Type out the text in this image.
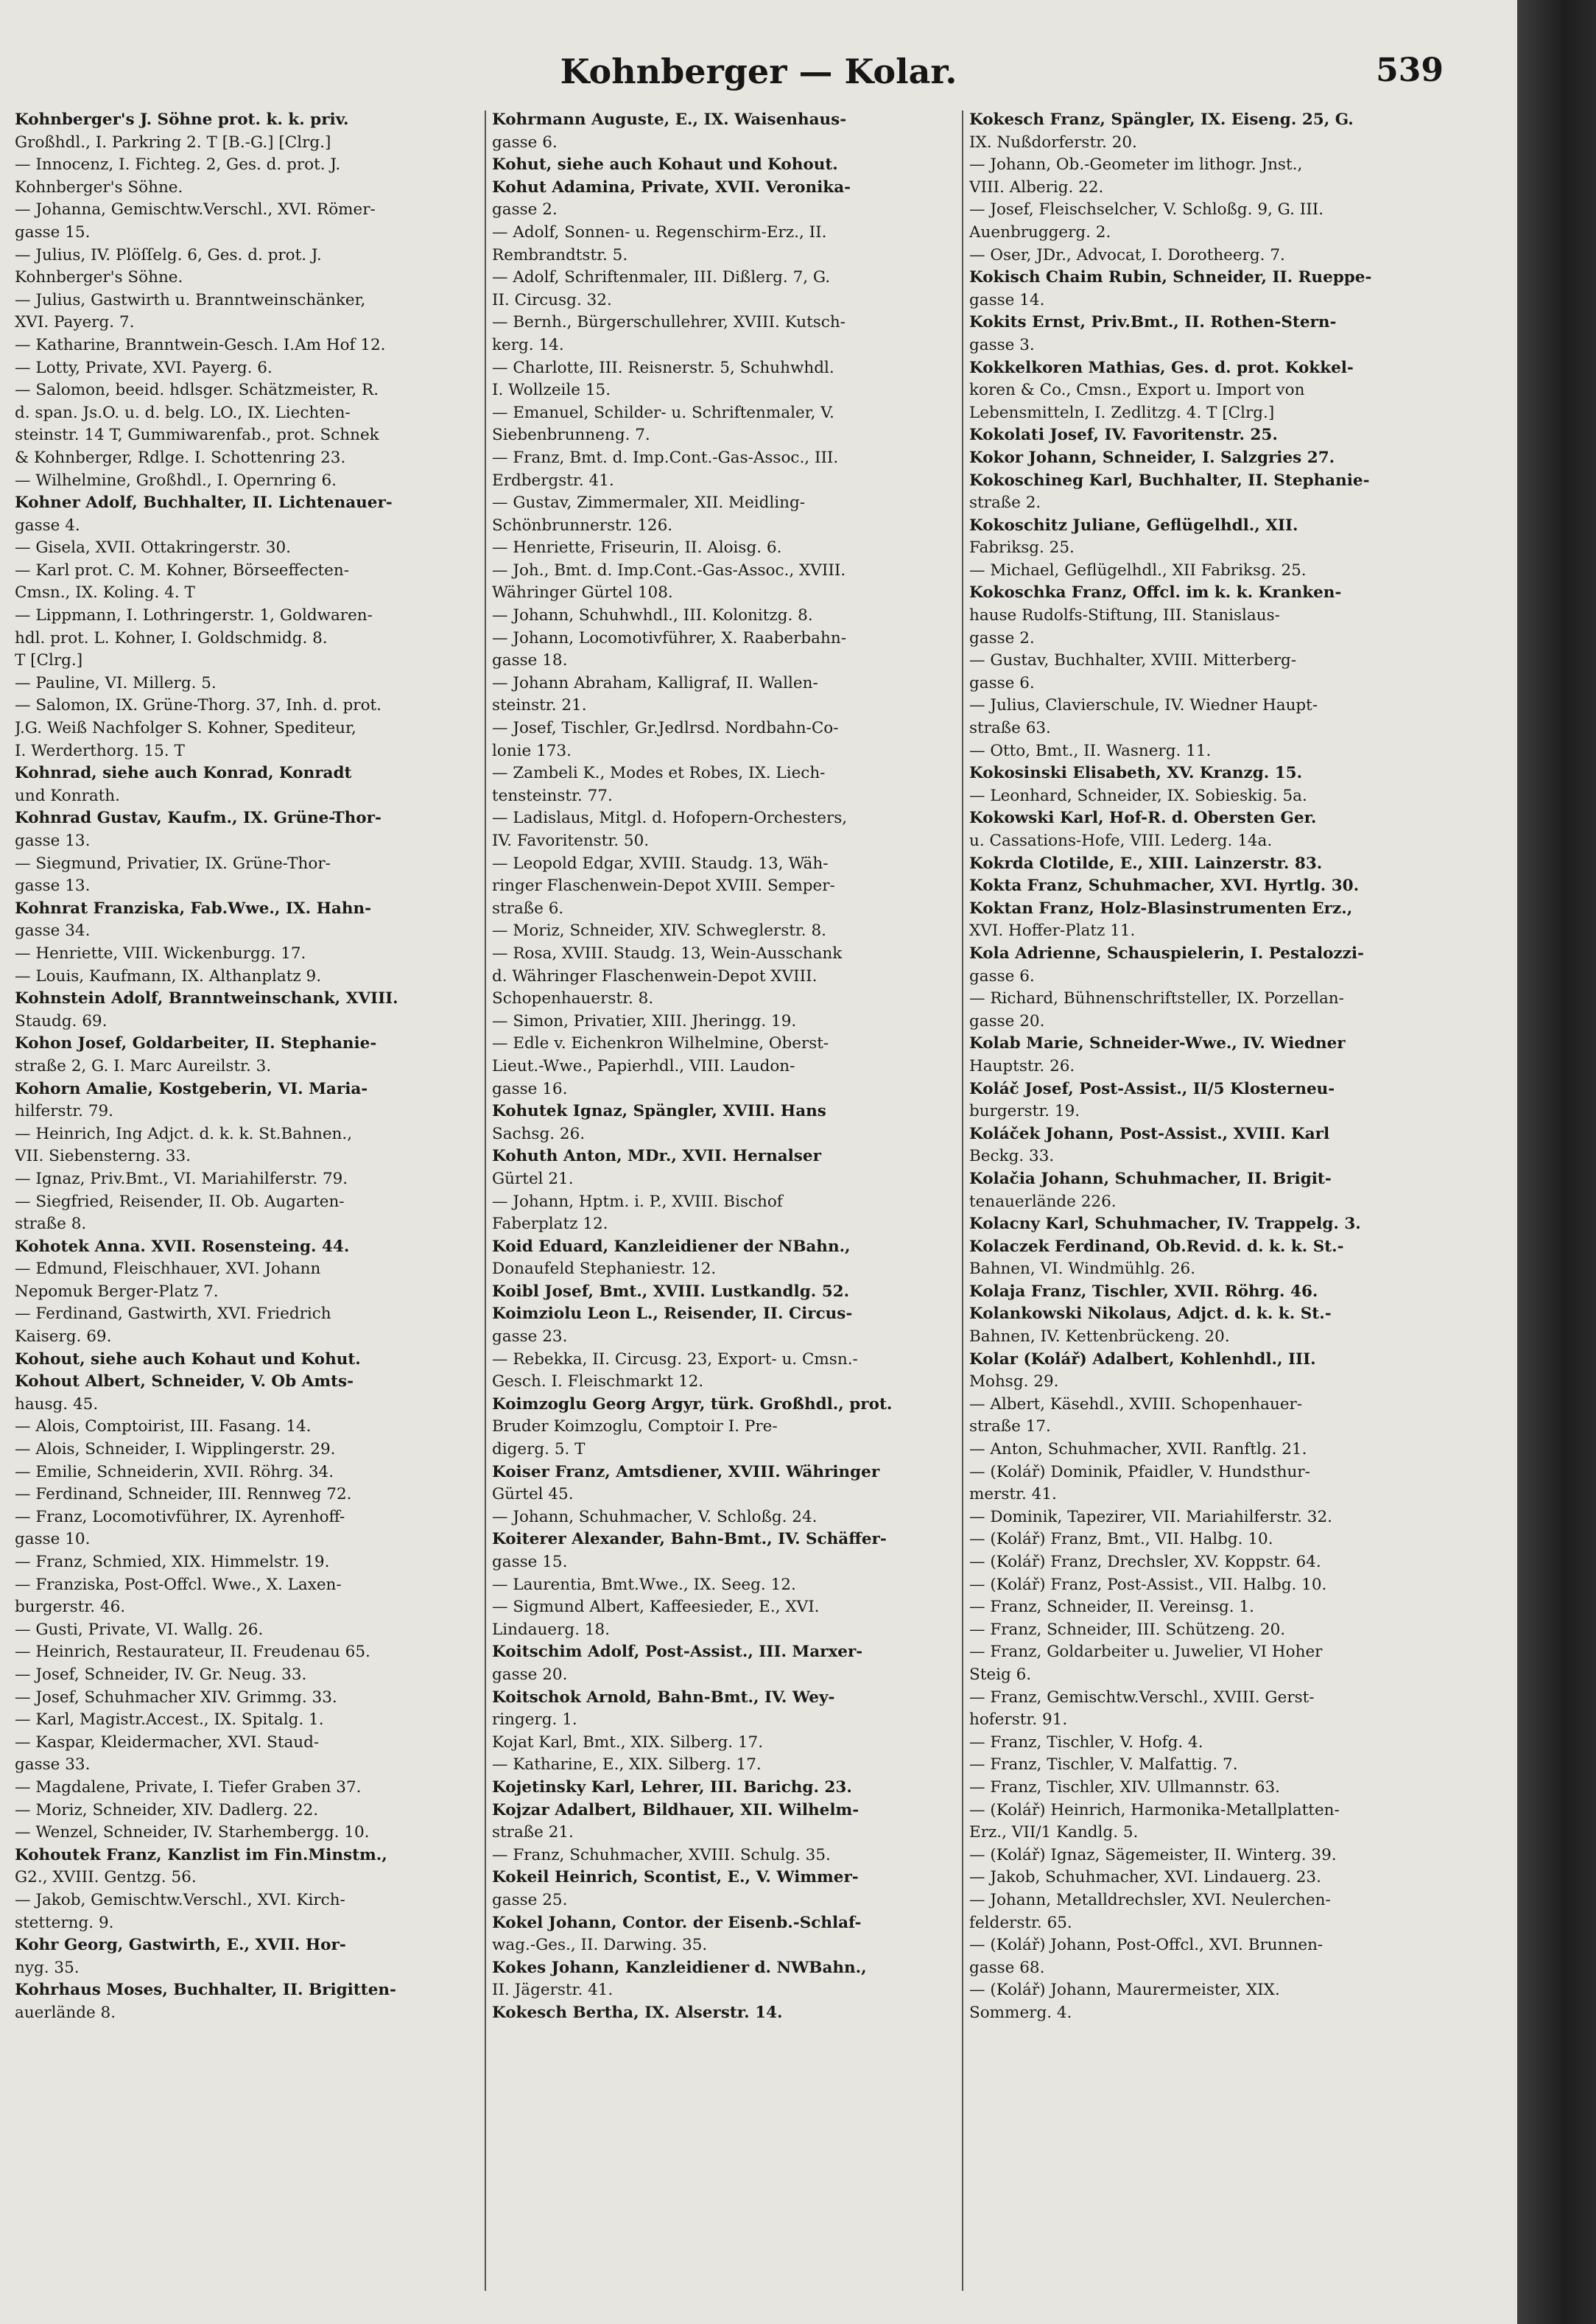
Kohnberger — Kolar.	539
Kohnberger's J. Söhne prot. k. k. priv.
Großhdl., I. Parkring 2. T [B.-G.] [Clrg.]
— Innocenz, I. Fichteg. 2, Ges. d. prot. J.
Kohnberger's Söhne.
— Johanna, Gemischtw.Verschl., XVI. Römer-
gasse 15.
— Julius, IV. Plöſſelg. 6, Ges. d. prot. J.
Kohnberger's Söhne.
— Julius, Gastwirth u. Branntweinschänker,
XVI. Payerg. 7.
— Katharine, Branntwein-Gesch. I.Am Hof 12.
— Lotty, Private, XVI. Payerg. 6.
— Salomon, beeid. hdlsger. Schätzmeister, R.
d. span. Js.O. u. d. belg. LO., IX. Liechten-
steinstr. 14 T, Gummiwarenfab., prot. Schnek
& Kohnberger, Rdlge. I. Schottenring 23.
— Wilhelmine, Großhdl., I. Opernring 6.
Kohner Adolf, Buchhalter, II. Lichtenauer-
gasse 4.
— Gisela, XVII. Ottakringerstr. 30.
— Karl prot. C. M. Kohner, Börseeffecten-
Cmsn., IX. Koling. 4. T
— Lippmann, I. Lothringerstr. 1, Goldwaren-
hdl. prot. L. Kohner, I. Goldschmidg. 8.
T [Clrg.]
— Pauline, VI. Millerg. 5.
— Salomon, IX. Grüne-Thorg. 37, Inh. d. prot.
J.G. Weiß Nachfolger S. Kohner, Spediteur,
I. Werderthorg. 15. T
Kohnrad, siehe auch Konrad, Konradt
und Konrath.
Kohnrad Gustav, Kaufm., IX. Grüne-Thor-
gasse 13.
— Siegmund, Privatier, IX. Grüne-Thor-
gasse 13.
Kohnrat Franziska, Fab.Wwe., IX. Hahn-
gasse 34.
— Henriette, VIII. Wickenburgg. 17.
— Louis, Kaufmann, IX. Althanplatz 9.
Kohnstein Adolf, Branntweinschank, XVIII.
Staudg. 69.
Kohon Josef, Goldarbeiter, II. Stephanie-
straße 2, G. I. Marc Aureilstr. 3.
Kohorn Amalie, Kostgeberin, VI. Maria-
hilferstr. 79.
— Heinrich, Ing Adjct. d. k. k. St.Bahnen.,
VII. Siebensterng. 33.
— Ignaz, Priv.Bmt., VI. Mariahilferstr. 79.
— Siegfried, Reisender, II. Ob. Augarten-
straße 8.
Kohotek Anna. XVII. Rosensteing. 44.
— Edmund, Fleischhauer, XVI. Johann
Nepomuk Berger-Platz 7.
— Ferdinand, Gastwirth, XVI. Friedrich
Kaiserg. 69.
Kohout, siehe auch Kohaut und Kohut.
Kohout Albert, Schneider, V. Ob Amts-
hausg. 45.
— Alois, Comptoirist, III. Fasang. 14.
— Alois, Schneider, I. Wipplingerstr. 29.
— Emilie, Schneiderin, XVII. Röhrg. 34.
— Ferdinand, Schneider, III. Rennweg 72.
— Franz, Locomotivführer, IX. Ayrenhoff-
gasse 10.
— Franz, Schmied, XIX. Himmelstr. 19.
— Franziska, Post-Offcl. Wwe., X. Laxen-
burgerstr. 46.
— Gusti, Private, VI. Wallg. 26.
— Heinrich, Restaurateur, II. Freudenau 65.
— Josef, Schneider, IV. Gr. Neug. 33.
— Josef, Schuhmacher XIV. Grimmg. 33.
— Karl, Magistr.Accest., IX. Spitalg. 1.
— Kaspar, Kleidermacher, XVI. Staud-
gasse 33.
— Magdalene, Private, I. Tiefer Graben 37.
— Moriz, Schneider, XIV. Dadlerg. 22.
— Wenzel, Schneider, IV. Starhembergg. 10.
Kohoutek Franz, Kanzlist im Fin.Minstm.,
G2., XVIII. Gentzg. 56.
— Jakob, Gemischtw.Verschl., XVI. Kirch-
stetterng. 9.
Kohr Georg, Gastwirth, E., XVII. Hor-
nyg. 35.
Kohrhaus Moses, Buchhalter, II. Brigitten-
auerlände 8.
Kohrmann Auguste, E., IX. Waisenhaus-
gasse 6.
Kohut, siehe auch Kohaut und Kohout.
Kohut Adamina, Private, XVII. Veronika-
gasse 2.
— Adolf, Sonnen- u. Regenschirm-Erz., II.
Rembrandtstr. 5.
— Adolf, Schriftenmaler, III. Dißlerg. 7, G.
II. Circusg. 32.
— Bernh., Bürgerschullehrer, XVIII. Kutsch-
kerg. 14.
— Charlotte, III. Reisnerstr. 5, Schuhwhdl.
I. Wollzeile 15.
— Emanuel, Schilder- u. Schriftenmaler, V.
Siebenbrunneng. 7.
— Franz, Bmt. d. Imp.Cont.-Gas-Assoc., III.
Erdbergstr. 41.
— Gustav, Zimmermaler, XII. Meidling-
Schönbrunnerstr. 126.
— Henriette, Friseurin, II. Aloisg. 6.
— Joh., Bmt. d. Imp.Cont.-Gas-Assoc., XVIII.
Währinger Gürtel 108.
— Johann, Schuhwhdl., III. Kolonitzg. 8.
— Johann, Locomotivführer, X. Raaberbahn-
gasse 18.
— Johann Abraham, Kalligraf, II. Wallen-
steinstr. 21.
— Josef, Tischler, Gr.Jedlrsd. Nordbahn-Co-
lonie 173.
— Zambeli K., Modes et Robes, IX. Liech-
tensteinstr. 77.
— Ladislaus, Mitgl. d. Hofopern-Orchesters,
IV. Favoritenstr. 50.
— Leopold Edgar, XVIII. Staudg. 13, Wäh-
ringer Flaschenwein-Depot XVIII. Semper-
straße 6.
— Moriz, Schneider, XIV. Schweglerstr. 8.
— Rosa, XVIII. Staudg. 13, Wein-Ausschank
d. Währinger Flaschenwein-Depot XVIII.
Schopenhauerstr. 8.
— Simon, Privatier, XIII. Jheringg. 19.
— Edle v. Eichenkron Wilhelmine, Oberst-
Lieut.-Wwe., Papierhdl., VIII. Laudon-
gasse 16.
Kohutek Ignaz, Spängler, XVIII. Hans
Sachsg. 26.
Kohuth Anton, MDr., XVII. Hernalser
Gürtel 21.
— Johann, Hptm. i. P., XVIII. Bischof
Faberplatz 12.
Koid Eduard, Kanzleidiener der NBahn.,
Donaufeld Stephaniestr. 12.
Koibl Josef, Bmt., XVIII. Lustkandlg. 52.
Koimziolu Leon L., Reisender, II. Circus-
gasse 23.
— Rebekka, II. Circusg. 23, Export- u. Cmsn.-
Gesch. I. Fleischmarkt 12.
Koimzoglu Georg Argyr, türk. Großhdl., prot.
Bruder Koimzoglu, Comptoir I. Pre-
digerg. 5. T
Koiser Franz, Amtsdiener, XVIII. Währinger
Gürtel 45.
— Johann, Schuhmacher, V. Schloßg. 24.
Koiterer Alexander, Bahn-Bmt., IV. Schäffer-
gasse 15.
— Laurentia, Bmt.Wwe., IX. Seeg. 12.
— Sigmund Albert, Kaffeesieder, E., XVI.
Lindauerg. 18.
Koitschim Adolf, Post-Assist., III. Marxer-
gasse 20.
Koitschok Arnold, Bahn-Bmt., IV. Wey-
ringerg. 1.
Kojat Karl, Bmt., XIX. Silberg. 17.
— Katharine, E., XIX. Silberg. 17.
Kojetinsky Karl, Lehrer, III. Barichg. 23.
Kojzar Adalbert, Bildhauer, XII. Wilhelm-
straße 21.
— Franz, Schuhmacher, XVIII. Schulg. 35.
Kokeil Heinrich, Scontist, E., V. Wimmer-
gasse 25.
Kokel Johann, Contor. der Eisenb.-Schlaf-
wag.-Ges., II. Darwing. 35.
Kokes Johann, Kanzleidiener d. NWBahn.,
II. Jägerstr. 41.
Kokesch Bertha, IX. Alserstr. 14.
Kokesch Franz, Spängler, IX. Eiseng. 25, G.
IX. Nußdorferstr. 20.
— Johann, Ob.-Geometer im lithogr. Jnst.,
VIII. Alberig. 22.
— Josef, Fleischselcher, V. Schloßg. 9, G. III.
Auenbruggerg. 2.
— Oser, JDr., Advocat, I. Dorotheerg. 7.
Kokisch Chaim Rubin, Schneider, II. Rueppe-
gasse 14.
Kokits Ernst, Priv.Bmt., II. Rothen-Stern-
gasse 3.
Kokkelkoren Mathias, Ges. d. prot. Kokkel-
koren & Co., Cmsn., Export u. Import von
Lebensmitteln, I. Zedlitzg. 4. T [Clrg.]
Kokolati Josef, IV. Favoritenstr. 25.
Kokor Johann, Schneider, I. Salzgries 27.
Kokoschineg Karl, Buchhalter, II. Stephanie-
straße 2.
Kokoschitz Juliane, Geflügelhdl., XII.
Fabriksg. 25.
— Michael, Geflügelhdl., XII Fabriksg. 25.
Kokoschka Franz, Offcl. im k. k. Kranken-
hause Rudolfs-Stiftung, III. Stanislaus-
gasse 2.
— Gustav, Buchhalter, XVIII. Mitterberg-
gasse 6.
— Julius, Clavierschule, IV. Wiedner Haupt-
straße 63.
— Otto, Bmt., II. Wasnerg. 11.
Kokosinski Elisabeth, XV. Kranzg. 15.
— Leonhard, Schneider, IX. Sobieskig. 5a.
Kokowski Karl, Hof-R. d. Obersten Ger.
u. Cassations-Hofe, VIII. Lederg. 14a.
Kokrda Clotilde, E., XIII. Lainzerstr. 83.
Kokta Franz, Schuhmacher, XVI. Hyrtlg. 30.
Koktan Franz, Holz-Blasinstrumenten Erz.,
XVI. Hoffer-Platz 11.
Kola Adrienne, Schauspielerin, I. Pestalozzi-
gasse 6.
— Richard, Bühnenschriftsteller, IX. Porzellan-
gasse 20.
Kolab Marie, Schneider-Wwe., IV. Wiedner
Hauptstr. 26.
Koláč Josef, Post-Assist., II/5 Klosterneu-
burgerstr. 19.
Koláček Johann, Post-Assist., XVIII. Karl
Beckg. 33.
Kolačia Johann, Schuhmacher, II. Brigit-
tenauerlände 226.
Kolacny Karl, Schuhmacher, IV. Trappelg. 3.
Kolaczek Ferdinand, Ob.Revid. d. k. k. St.-
Bahnen, VI. Windmühlg. 26.
Kolaja Franz, Tischler, XVII. Röhrg. 46.
Kolankowski Nikolaus, Adjct. d. k. k. St.-
Bahnen, IV. Kettenbrückeng. 20.
Kolar (Kolář) Adalbert, Kohlenhdl., III.
Mohsg. 29.
— Albert, Käsehdl., XVIII. Schopenhauer-
straße 17.
— Anton, Schuhmacher, XVII. Ranftlg. 21.
— (Kolář) Dominik, Pfaidler, V. Hundsthur-
merstr. 41.
— Dominik, Tapezirer, VII. Mariahilferstr. 32.
— (Kolář) Franz, Bmt., VII. Halbg. 10.
— (Kolář) Franz, Drechsler, XV. Koppstr. 64.
— (Kolář) Franz, Post-Assist., VII. Halbg. 10.
— Franz, Schneider, II. Vereinsg. 1.
— Franz, Schneider, III. Schützeng. 20.
— Franz, Goldarbeiter u. Juwelier, VI Hoher
Steig 6.
— Franz, Gemischtw.Verschl., XVIII. Gerst-
hoferstr. 91.
— Franz, Tischler, V. Hofg. 4.
— Franz, Tischler, V. Malfattig. 7.
— Franz, Tischler, XIV. Ullmannstr. 63.
— (Kolář) Heinrich, Harmonika-Metallplatten-
Erz., VII/1 Kandlg. 5.
— (Kolář) Ignaz, Sägemeister, II. Winterg. 39.
— Jakob, Schuhmacher, XVI. Lindauerg. 23.
— Johann, Metalldrechsler, XVI. Neulerchen-
felderstr. 65.
— (Kolář) Johann, Post-Offcl., XVI. Brunnen-
gasse 68.
— (Kolář) Johann, Maurermeister, XIX.
Sommerg. 4.
